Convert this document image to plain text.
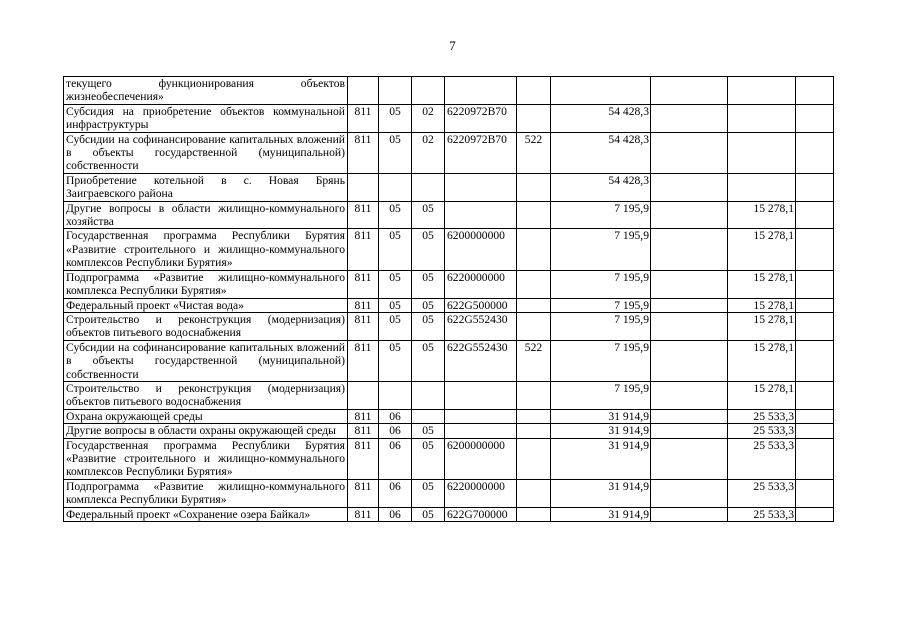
7
текущего функционирования объектов жизнеобеспечения»									
Субсидия на приобретение объектов коммунальной инфраструктуры	811	05	02	6220972В70		54 428,3			
Субсидии на софинансирование капитальных вложений в объекты государственной (муниципальной) собственности	811	05	02	6220972В70	522	54 428,3			
Приобретение котельной в с. Новая Брянь Заиграевского района						54 428,3			
Другие вопросы в области жилищно-коммунального хозяйства	811	05	05			7 195,9		15 278,1	
Государственная программа Республики Бурятия «Развитие строительного и жилищно-коммунального комплексов Республики Бурятия»	811	05	05	6200000000		7 195,9		15 278,1	
Подпрограмма «Развитие жилищно-коммунального комплекса Республики Бурятия»	811	05	05	6220000000		7 195,9		15 278,1	
Федеральный проект «Чистая вода»	811	05	05	622G500000		7 195,9		15 278,1	
Строительство и реконструкция (модернизация) объектов питьевого водоснабжения	811	05	05	622G552430		7 195,9		15 278,1	
Субсидии на софинансирование капитальных вложений в объекты государственной (муниципальной) собственности	811	05	05	622G552430	522	7 195,9		15 278,1	
Строительство и реконструкция (модернизация) объектов питьевого водоснабжения						7 195,9		15 278,1	
Охрана окружающей среды	811	06				31 914,9		25 533,3	
Другие вопросы в области охраны окружающей среды	811	06	05			31 914,9		25 533,3	
Государственная программа Республики Бурятия «Развитие строительного и жилищно-коммунального комплексов Республики Бурятия»	811	06	05	6200000000		31 914,9		25 533,3	
Подпрограмма «Развитие жилищно-коммунального комплекса Республики Бурятия»	811	06	05	6220000000		31 914,9		25 533,3	
Федеральный проект «Сохранение озера Байкал»	811	06	05	622G700000		31 914,9		25 533,3	
